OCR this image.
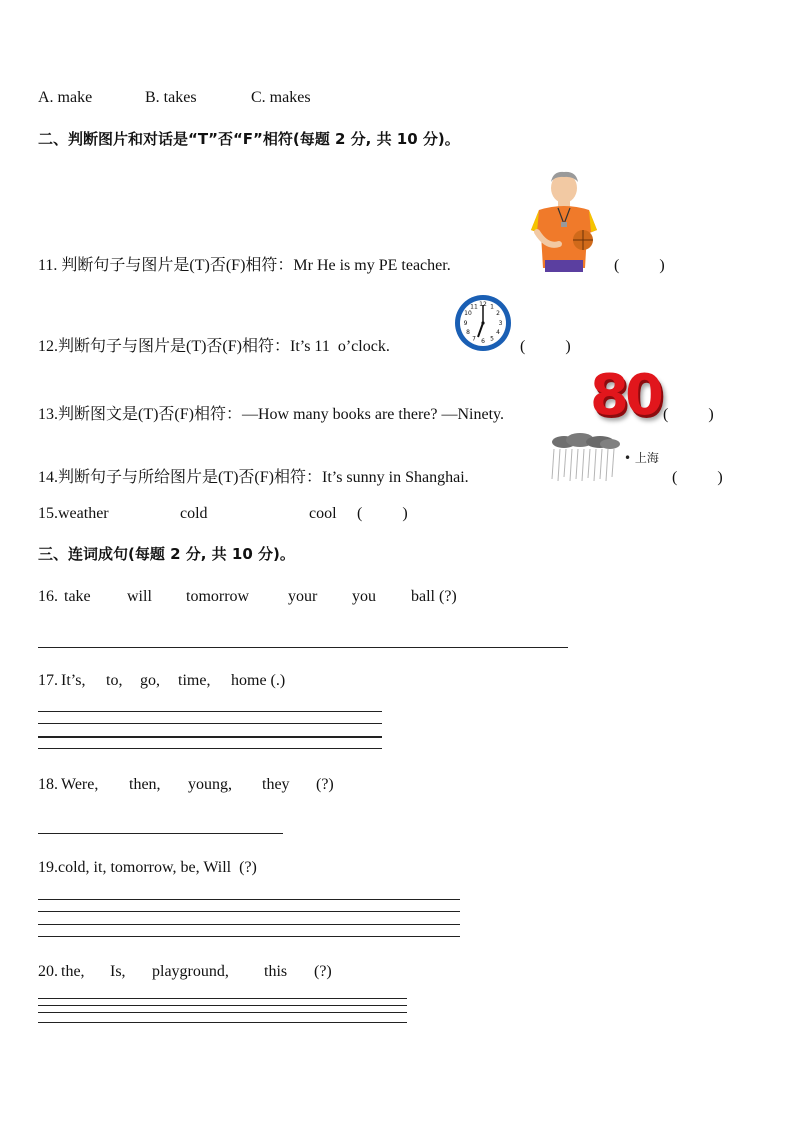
A. make	B. takes	C. makes
二、判断图片和对话是“T”否“F”相符(每题 2 分, 共 10 分)。
11. 判断句子与图片是(T)否(F)相符：Mr He is my PE teacher.	(          )
12 1
2
3
4
5
6
7
8
9
10
11
12.判断句子与图片是(T)否(F)相符：It’s 11  o’clock.	(          )
80
13.判断图文是(T)否(F)相符：—How many books are there? —Ninety.	(          )
• 上海
14.判断句子与所给图片是(T)否(F)相符：It’s sunny in Shanghai.	(          )
15.weather	cold	cool (          )
三、连词成句(每题 2 分, 共 10 分)。
16. take will tomorrow your you ball (?)
17. It’s, to, go, time, home (.)
18. Were, then, young, they (?)
19.cold, it, tomorrow, be, Will  (?)
20. the, Is, playground, this (?)
